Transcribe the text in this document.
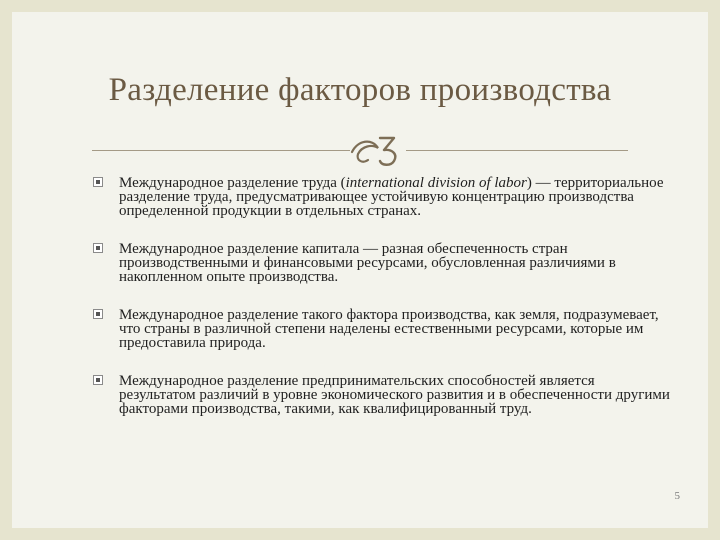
Разделение факторов производства
Международное разделение труда (international division of labor) — территориальное разделение труда, предусматривающее устойчивую концентрацию производства определенной продукции в отдельных странах.
Международное разделение капитала — разная обеспеченность стран производственными и финансовыми ресурсами, обусловленная различиями в накопленном опыте производства.
Международное разделение такого фактора производства, как земля, подразумевает, что страны в различной степени наделены естественными ресурсами, которые им предоставила природа.
Международное разделение предпринимательских способностей является результатом различий в уровне экономического развития и в обеспеченности другими факторами производства, такими, как квалифицированный труд.
5
